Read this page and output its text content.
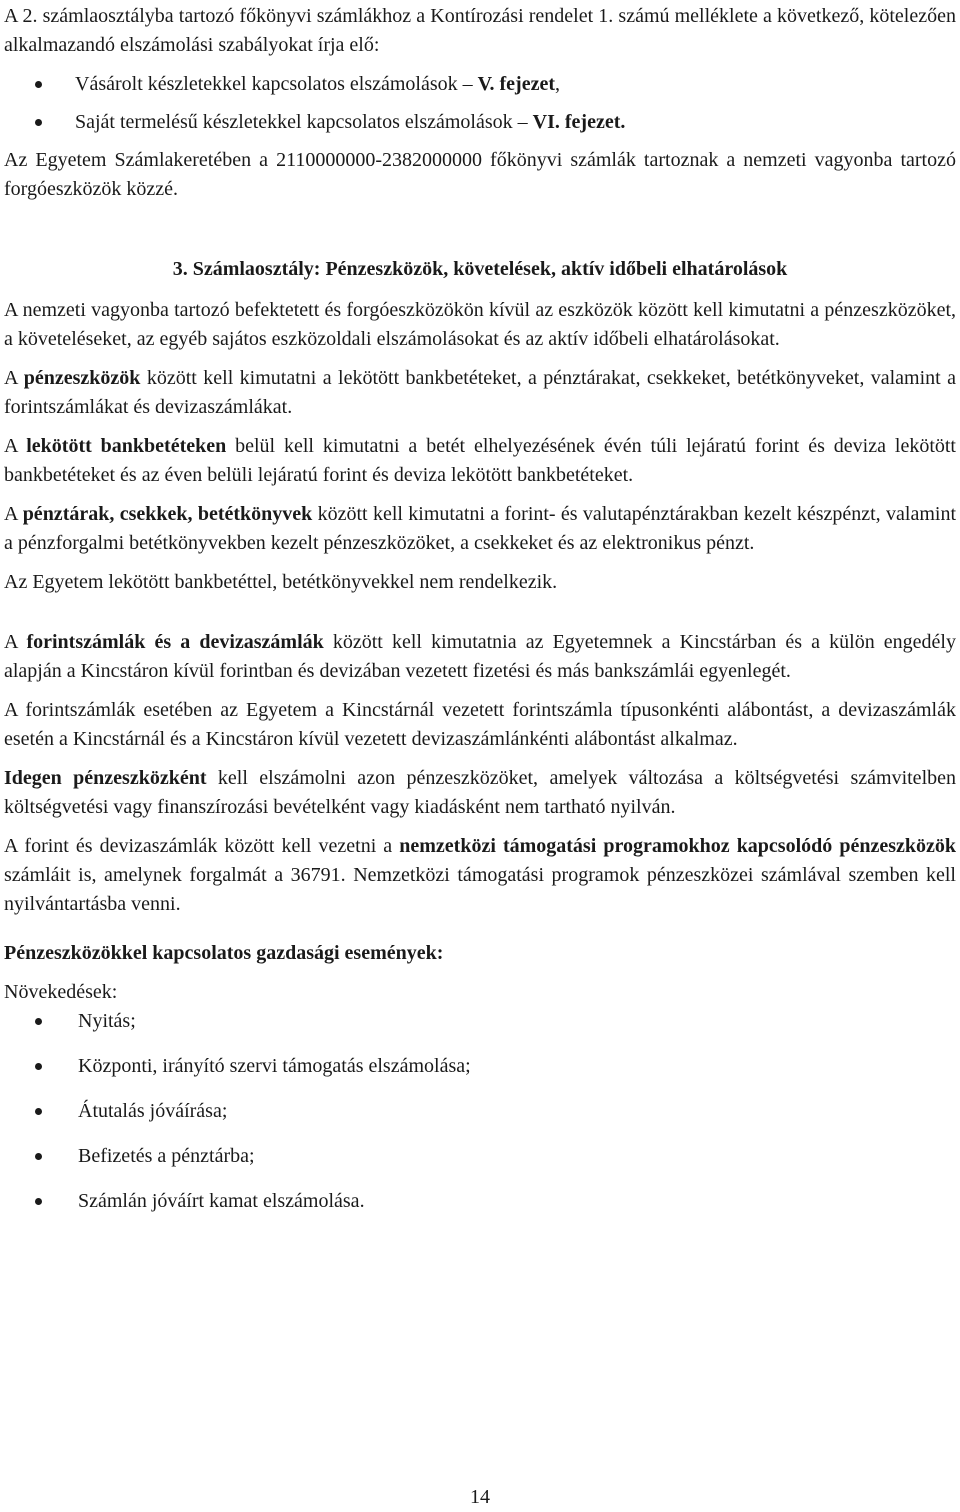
A 2. számlaosztályba tartozó főkönyvi számlákhoz a Kontírozási rendelet 1. számú melléklete a következő, kötelezően alkalmazandó elszámolási szabályokat írja elő:

Vásárolt készletekkel kapcsolatos elszámolások – V. fejezet,
Saját termelésű készletekkel kapcsolatos elszámolások – VI. fejezet.

Az Egyetem Számlakeretében a 2110000000-2382000000 főkönyvi számlák tartoznak a nemzeti vagyonba tartozó forgóeszközök közzé.

3. Számlaosztály: Pénzeszközök, követelések, aktív időbeli elhatárolások

A nemzeti vagyonba tartozó befektetett és forgóeszközökön kívül az eszközök között kell kimutatni a pénzeszközöket, a követeléseket, az egyéb sajátos eszközoldali elszámolásokat és az aktív időbeli elhatárolásokat.

A pénzeszközök között kell kimutatni a lekötött bankbetéteket, a pénztárakat, csekkeket, betétkönyveket, valamint a forintszámlákat és devizaszámlákat.

A lekötött bankbetéteken belül kell kimutatni a betét elhelyezésének évén túli lejáratú forint és deviza lekötött bankbetéteket és az éven belüli lejáratú forint és deviza lekötött bankbetéteket.

A pénztárak, csekkek, betétkönyvek között kell kimutatni a forint- és valutapénztárakban kezelt készpénzt, valamint a pénzforgalmi betétkönyvekben kezelt pénzeszközöket, a csekkeket és az elektronikus pénzt.

Az Egyetem lekötött bankbetéttel, betétkönyvekkel nem rendelkezik.

A forintszámlák és a devizaszámlák között kell kimutatnia az Egyetemnek a Kincstárban és a külön engedély alapján a Kincstáron kívül forintban és devizában vezetett fizetési és más bankszámlái egyenlegét.

A forintszámlák esetében az Egyetem a Kincstárnál vezetett forintszámla típusonkénti alábontást, a devizaszámlák esetén a Kincstárnál és a Kincstáron kívül vezetett devizaszámlánkénti alábontást alkalmaz.

Idegen pénzeszközként kell elszámolni azon pénzeszközöket, amelyek változása a költségvetési számvitelben költségvetési vagy finanszírozási bevételként vagy kiadásként nem tartható nyilván.

A forint és devizaszámlák között kell vezetni a nemzetközi támogatási programokhoz kapcsolódó pénzeszközök számláit is, amelynek forgalmát a 36791. Nemzetközi támogatási programok pénzeszközei számlával szemben kell nyilvántartásba venni.

Pénzeszközökkel kapcsolatos gazdasági események:

Növekedések:

Nyitás;
Központi, irányító szervi támogatás elszámolása;
Átutalás jóváírása;
Befizetés a pénztárba;
Számlán jóváírt kamat elszámolása.
14
